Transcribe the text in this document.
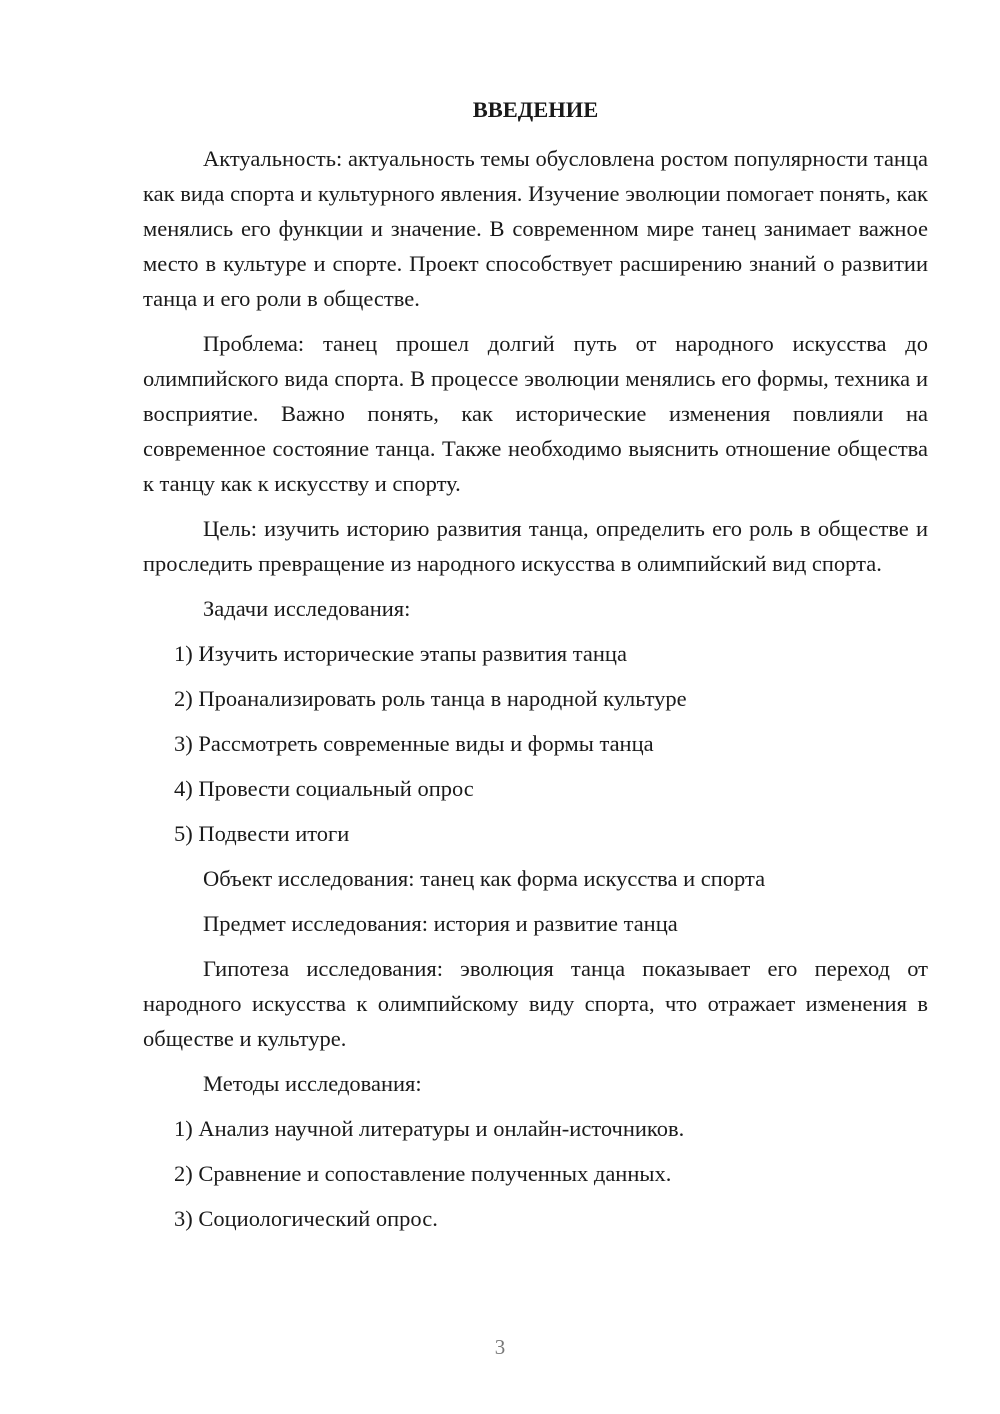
ВВЕДЕНИЕ

Актуальность: актуальность темы обусловлена ростом популярности танца как вида спорта и культурного явления. Изучение эволюции помогает понять, как менялись его функции и значение. В современном мире танец занимает важное место в культуре и спорте. Проект способствует расширению знаний о развитии танца и его роли в обществе.

Проблема: танец прошел долгий путь от народного искусства до олимпийского вида спорта. В процессе эволюции менялись его формы, техника и восприятие. Важно понять, как исторические изменения повлияли на современное состояние танца. Также необходимо выяснить отношение общества к танцу как к искусству и спорту.

Цель: изучить историю развития танца, определить его роль в обществе и проследить превращение из народного искусства в олимпийский вид спорта.

Задачи исследования:
1) Изучить исторические этапы развития танца
2) Проанализировать роль танца в народной культуре
3) Рассмотреть современные виды и формы танца
4) Провести социальный опрос
5) Подвести итоги
Объект исследования: танец как форма искусства и спорта
Предмет исследования: история и развитие танца

Гипотеза исследования: эволюция танца показывает его переход от народного искусства к олимпийскому виду спорта, что отражает изменения в обществе и культуре.

Методы исследования:
1) Анализ научной литературы и онлайн-источников.
2) Сравнение и сопоставление полученных данных.
3) Социологический опрос.
3
